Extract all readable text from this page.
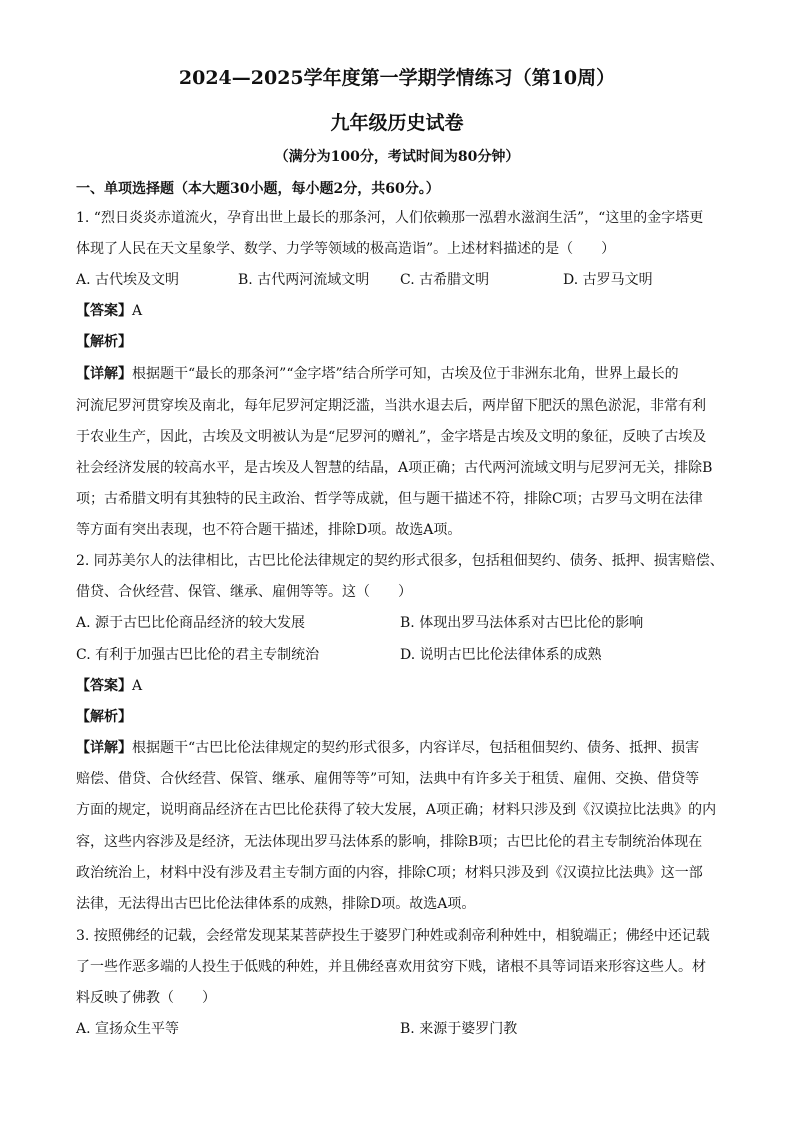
2024—2025学年度第一学期学情练习（第10周）
九年级历史试卷
（满分为100分，考试时间为80分钟）
一、单项选择题（本大题30小题，每小题2分，共60分。）
1. “烈日炎炎赤道流火，孕育出世上最长的那条河，人们依赖那一泓碧水滋润生活”，“这里的金字塔更
体现了人民在天文星象学、数学、力学等领域的极高造诣”。上述材料描述的是（　　）
A. 古代埃及文明	B. 古代两河流域文明 C. 古希腊文明	D. 古罗马文明
【答案】A
【解析】
【详解】根据题干“最长的那条河”“金字塔”结合所学可知，古埃及位于非洲东北角，世界上最长的
河流尼罗河贯穿埃及南北，每年尼罗河定期泛滥，当洪水退去后，两岸留下肥沃的黑色淤泥，非常有利
于农业生产，因此，古埃及文明被认为是“尼罗河的赠礼”，金字塔是古埃及文明的象征，反映了古埃及
社会经济发展的较高水平，是古埃及人智慧的结晶，A项正确；古代两河流域文明与尼罗河无关，排除B
项；古希腊文明有其独特的民主政治、哲学等成就，但与题干描述不符，排除C项；古罗马文明在法律
等方面有突出表现，也不符合题干描述，排除D项。故选A项。
2. 同苏美尔人的法律相比，古巴比伦法律规定的契约形式很多，包括租佃契约、债务、抵押、损害赔偿、
借贷、合伙经营、保管、继承、雇佣等等。这（　　）
A. 源于古巴比伦商品经济的较大发展	B. 体现出罗马法体系对古巴比伦的影响
C. 有利于加强古巴比伦的君主专制统治	D. 说明古巴比伦法律体系的成熟
【答案】A
【解析】
【详解】根据题干“古巴比伦法律规定的契约形式很多，内容详尽，包括租佃契约、债务、抵押、损害
赔偿、借贷、合伙经营、保管、继承、雇佣等等”可知，法典中有许多关于租赁、雇佣、交换、借贷等
方面的规定，说明商品经济在古巴比伦获得了较大发展，A项正确；材料只涉及到《汉谟拉比法典》的内
容，这些内容涉及是经济，无法体现出罗马法体系的影响，排除B项；古巴比伦的君主专制统治体现在
政治统治上，材料中没有涉及君主专制方面的内容，排除C项；材料只涉及到《汉谟拉比法典》这一部
法律，无法得出古巴比伦法律体系的成熟，排除D项。故选A项。
3. 按照佛经的记载，会经常发现某某菩萨投生于婆罗门种姓或刹帝利种姓中，相貌端正；佛经中还记载
了一些作恶多端的人投生于低贱的种姓，并且佛经喜欢用贫穷下贱，诸根不具等词语来形容这些人。材
料反映了佛教（　　）
A. 宣扬众生平等	B. 来源于婆罗门教
